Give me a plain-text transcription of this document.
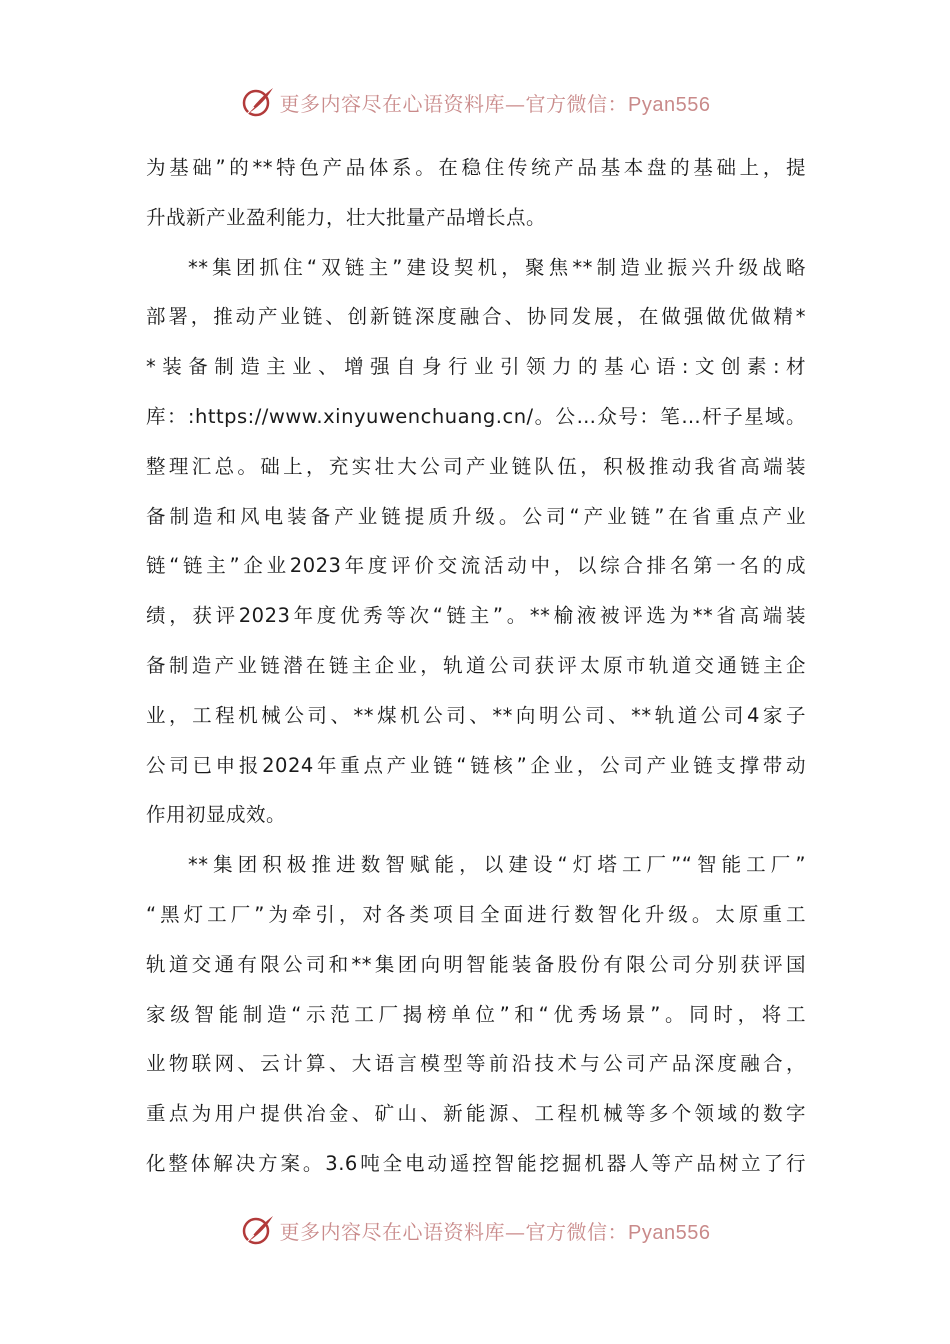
更多内容尽在心语资料库—官方微信：Pyan556
为基础”的**特色产品体系。在稳住传统产品基本盘的基础上，提
升战新产业盈利能力，壮大批量产品增长点。
**集团抓住“双链主”建设契机，聚焦**制造业振兴升级战略
部署，推动产业链、创新链深度融合、协同发展，在做强做优做精*
*装备制造主业、增强自身行业引领力的基心语:文创素:材
库：:https://www.xinyuwenchuang.cn/。公…众号：笔…杆子星域。
整理汇总。础上，充实壮大公司产业链队伍，积极推动我省高端装
备制造和风电装备产业链提质升级。公司“产业链”在省重点产业
链“链主”企业2023年度评价交流活动中，以综合排名第一名的成
绩，获评2023年度优秀等次“链主”。**榆液被评选为**省高端装
备制造产业链潜在链主企业，轨道公司获评太原市轨道交通链主企
业，工程机械公司、**煤机公司、**向明公司、**轨道公司4家子
公司已申报2024年重点产业链“链核”企业，公司产业链支撑带动
作用初显成效。
**集团积极推进数智赋能，以建设“灯塔工厂”“智能工厂”
“黑灯工厂”为牵引，对各类项目全面进行数智化升级。太原重工
轨道交通有限公司和**集团向明智能装备股份有限公司分别获评国
家级智能制造“示范工厂揭榜单位”和“优秀场景”。同时，将工
业物联网、云计算、大语言模型等前沿技术与公司产品深度融合，
重点为用户提供冶金、矿山、新能源、工程机械等多个领域的数字
化整体解决方案。3.6吨全电动遥控智能挖掘机器人等产品树立了行
更多内容尽在心语资料库—官方微信：Pyan556
